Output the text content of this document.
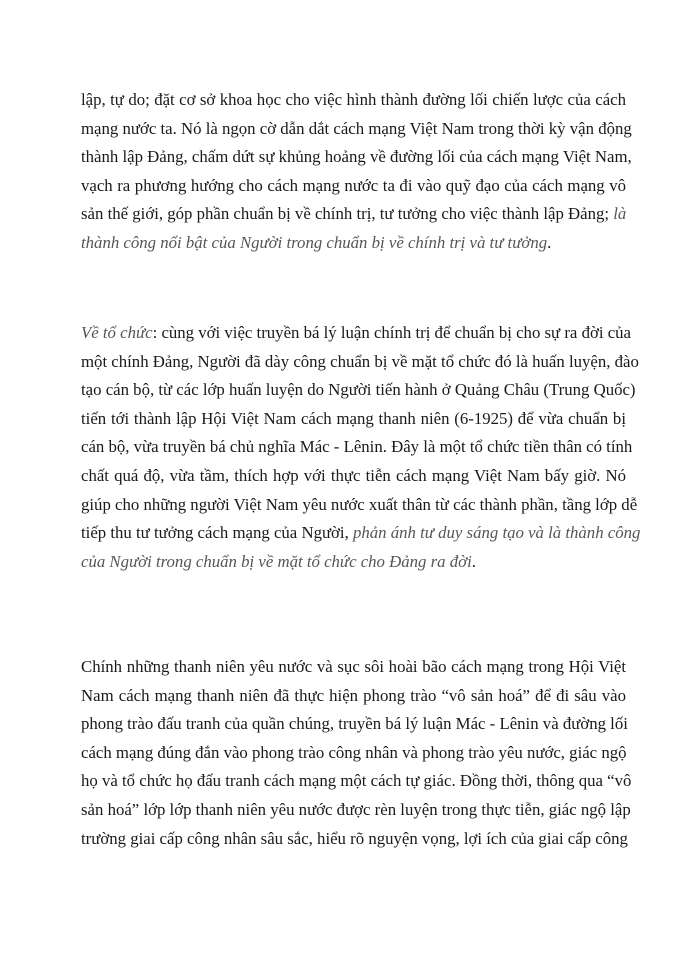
lập, tự do; đặt cơ sở khoa học cho việc hình thành đường lối chiến lược của cách
mạng nước ta. Nó là ngọn cờ dẫn dắt cách mạng Việt Nam trong thời kỳ vận động
thành lập Đảng, chấm dứt sự khủng hoảng về đường lối của cách mạng Việt Nam,
vạch ra phương hướng cho cách mạng nước ta đi vào quỹ đạo của cách mạng vô
sản thế giới, góp phần chuẩn bị về chính trị, tư tưởng cho việc thành lập Đảng; là
thành công nổi bật của Người trong chuẩn bị về chính trị và tư tưởng.

Về tổ chức: cùng với việc truyền bá lý luận chính trị để chuẩn bị cho sự ra đời của
một chính Đảng, Người đã dày công chuẩn bị về mặt tổ chức đó là huấn luyện, đào
tạo cán bộ, từ các lớp huấn luyện do Người tiến hành ở Quảng Châu (Trung Quốc)
tiến tới thành lập Hội Việt Nam cách mạng thanh niên (6-1925) để vừa chuẩn bị
cán bộ, vừa truyền bá chủ nghĩa Mác - Lênin. Đây là một tổ chức tiền thân có tính
chất quá độ, vừa tầm, thích hợp với thực tiễn cách mạng Việt Nam bấy giờ. Nó
giúp cho những người Việt Nam yêu nước xuất thân từ các thành phần, tầng lớp dễ
tiếp thu tư tưởng cách mạng của Người, phản ánh tư duy sáng tạo và là thành công
của Người trong chuẩn bị về mặt tổ chức cho Đảng ra đời.

Chính những thanh niên yêu nước và sục sôi hoài bão cách mạng trong Hội Việt
Nam cách mạng thanh niên đã thực hiện phong trào “vô sản hoá” để đi sâu vào
phong trào đấu tranh của quần chúng, truyền bá lý luận Mác - Lênin và đường lối
cách mạng đúng đắn vào phong trào công nhân và phong trào yêu nước, giác ngộ
họ và tổ chức họ đấu tranh cách mạng một cách tự giác. Đồng thời, thông qua “vô
sản hoá” lớp lớp thanh niên yêu nước được rèn luyện trong thực tiễn, giác ngộ lập
trường giai cấp công nhân sâu sắc, hiểu rõ nguyện vọng, lợi ích của giai cấp công
